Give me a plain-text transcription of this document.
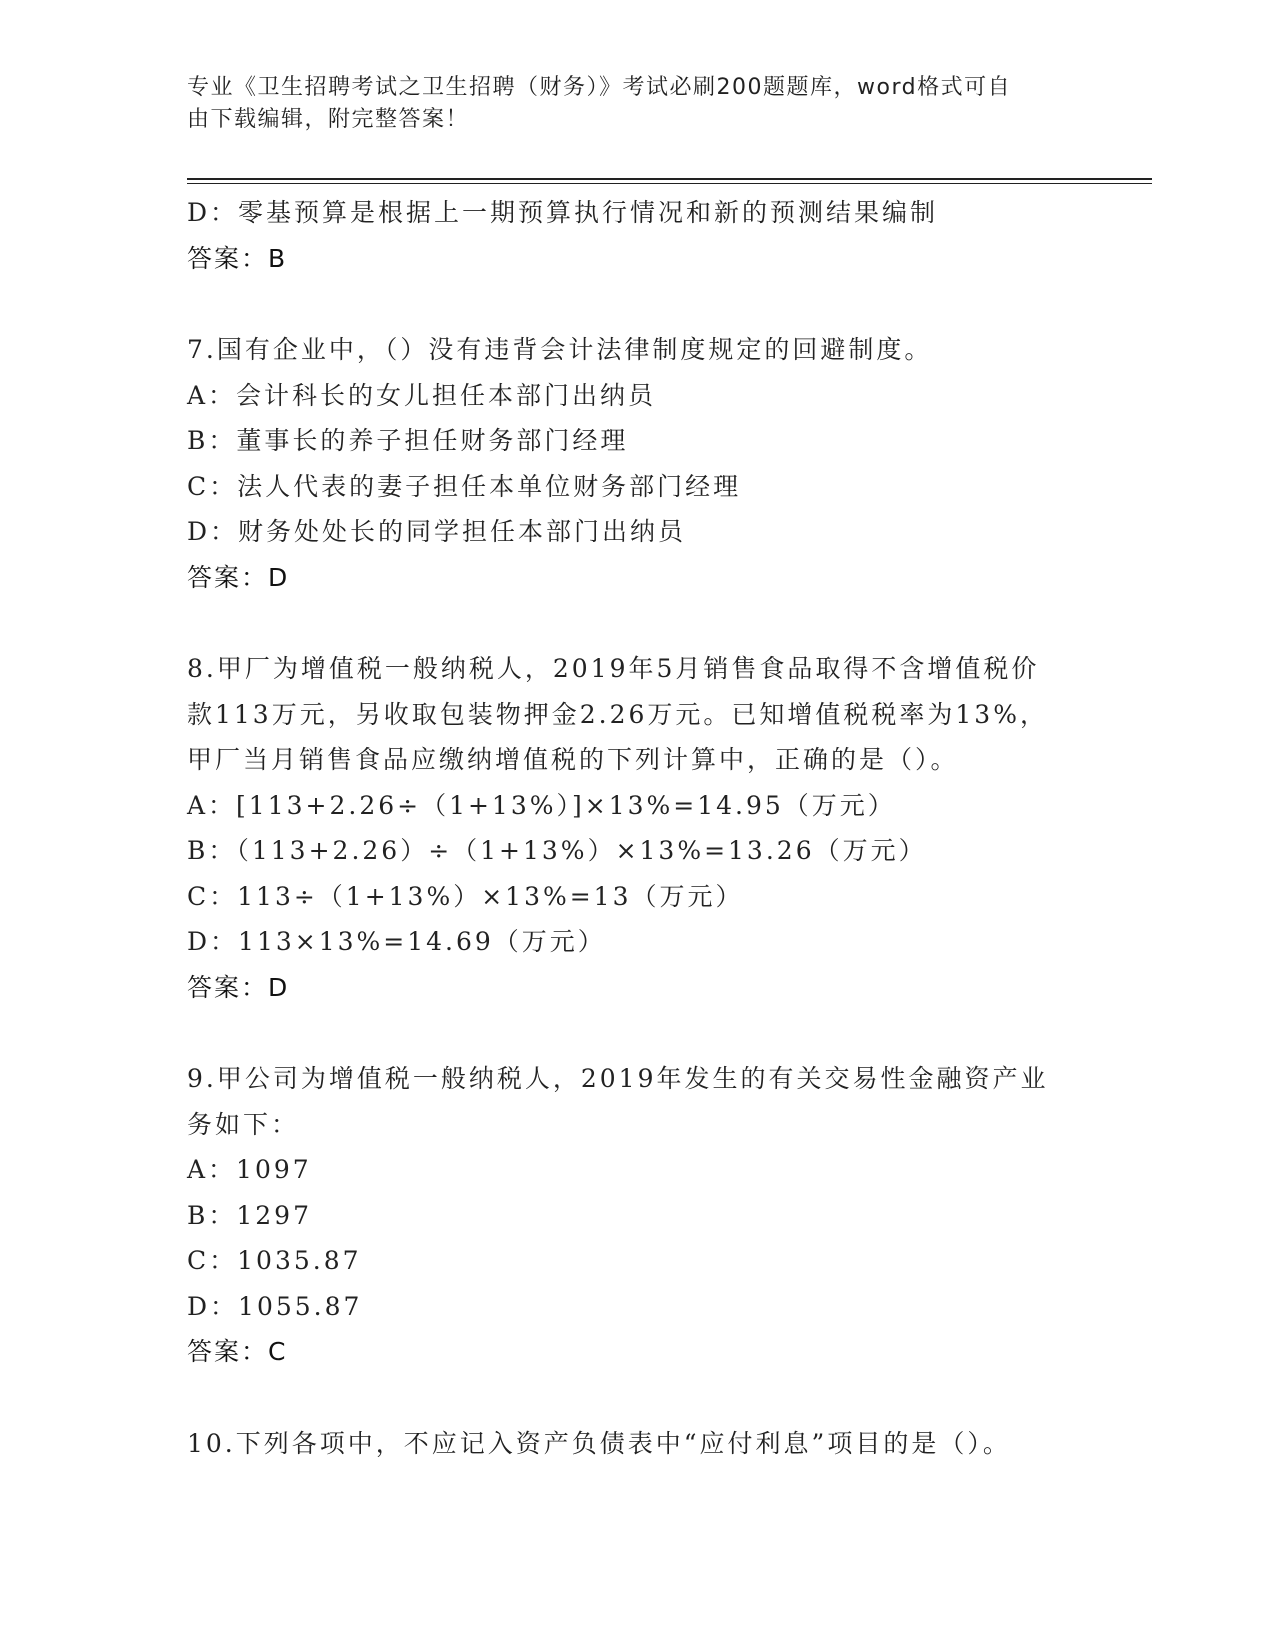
专业《卫生招聘考试之卫生招聘（财务）》考试必刷200题题库，word格式可自
由下载编辑，附完整答案！
D：零基预算是根据上一期预算执行情况和新的预测结果编制
答案：B
7.国有企业中，（）没有违背会计法律制度规定的回避制度。
A：会计科长的女儿担任本部门出纳员
B：董事长的养子担任财务部门经理
C：法人代表的妻子担任本单位财务部门经理
D：财务处处长的同学担任本部门出纳员
答案：D
8.甲厂为增值税一般纳税人，2019年5月销售食品取得不含增值税价
款113万元，另收取包装物押金2.26万元。已知增值税税率为13%，
甲厂当月销售食品应缴纳增值税的下列计算中，正确的是（）。
A：[113+2.26÷（1+13%）]×13%=14.95（万元）
B：（113+2.26）÷（1+13%）×13%=13.26（万元）
C：113÷（1+13%）×13%=13（万元）
D：113×13%=14.69（万元）
答案：D
9.甲公司为增值税一般纳税人，2019年发生的有关交易性金融资产业
务如下：
A：1097
B：1297
C：1035.87
D：1055.87
答案：C
10.下列各项中，不应记入资产负债表中“应付利息”项目的是（）。
